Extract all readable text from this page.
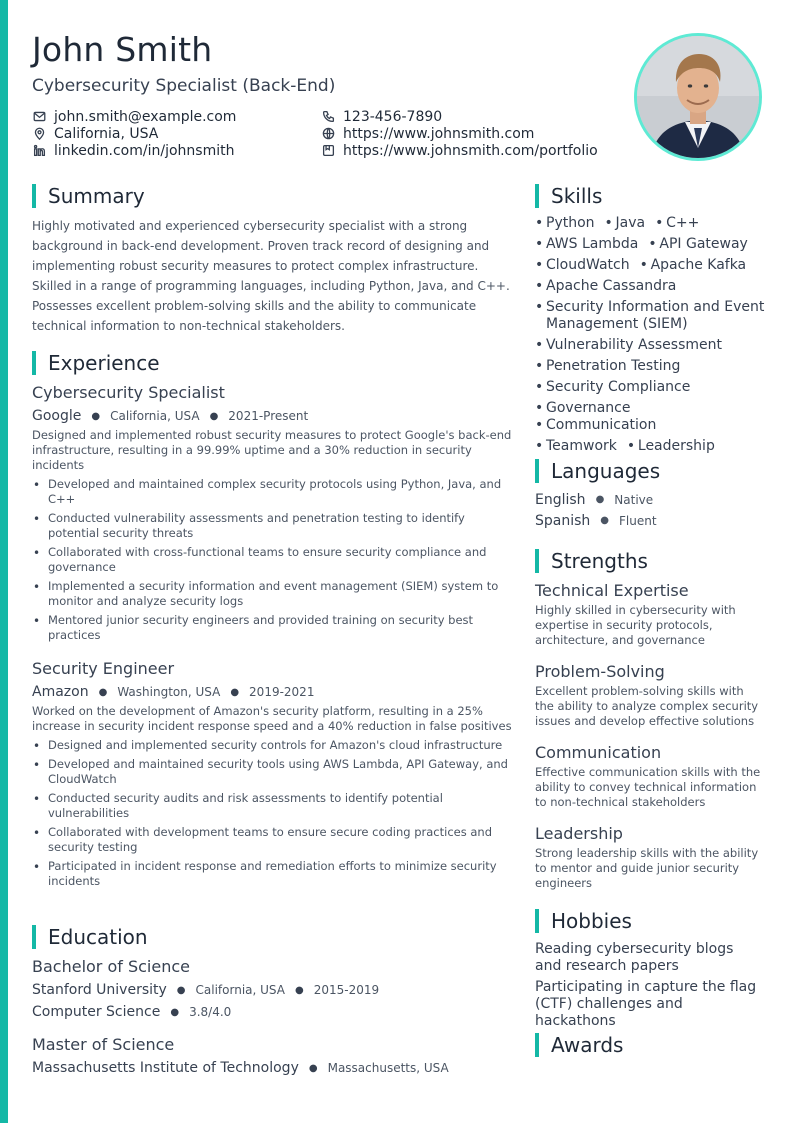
John Smith
Cybersecurity Specialist (Back-End)
john.smith@example.com
California, USA
linkedin.com/in/johnsmith
123-456-7890
https://www.johnsmith.com
https://www.johnsmith.com/portfolio
Summary

Highly motivated and experienced cybersecurity specialist with a strong background in back-end development. Proven track record of designing and implementing robust security measures to protect complex infrastructure. Skilled in a range of programming languages, including Python, Java, and C++. Possesses excellent problem-solving skills and the ability to communicate technical information to non-technical stakeholders.

Experience
Cybersecurity Specialist
Google ● California, USA ● 2021-Present
Designed and implemented robust security measures to protect Google's back-end infrastructure, resulting in a 99.99% uptime and a 30% reduction in security incidents
• Developed and maintained complex security protocols using Python, Java, and C++
• Conducted vulnerability assessments and penetration testing to identify potential security threats
• Collaborated with cross-functional teams to ensure security compliance and governance
• Implemented a security information and event management (SIEM) system to monitor and analyze security logs
• Mentored junior security engineers and provided training on security best practices
Security Engineer
Amazon ● Washington, USA ● 2019-2021
Worked on the development of Amazon's security platform, resulting in a 25% increase in security incident response speed and a 40% reduction in false positives
• Designed and implemented security controls for Amazon's cloud infrastructure
• Developed and maintained security tools using AWS Lambda, API Gateway, and CloudWatch
• Conducted security audits and risk assessments to identify potential vulnerabilities
• Collaborated with development teams to ensure secure coding practices and security testing
• Participated in incident response and remediation efforts to minimize security incidents
Education
Bachelor of Science
Stanford University ● California, USA ● 2015-2019
Computer Science ● 3.8/4.0
Master of Science
Massachusetts Institute of Technology ● Massachusetts, USA
Skills
• Python	• Java	• C++
• AWS Lambda	• API Gateway
• CloudWatch	• Apache Kafka
• Apache Cassandra
• Security Information and Event Management (SIEM)
• Vulnerability Assessment
• Penetration Testing
• Security Compliance
• Governance
• Communication
• Teamwork	• Leadership
Languages
English ● Native
Spanish ● Fluent
Strengths
Technical Expertise
Highly skilled in cybersecurity with expertise in security protocols, architecture, and governance
Problem-Solving
Excellent problem-solving skills with the ability to analyze complex security issues and develop effective solutions
Communication
Effective communication skills with the ability to convey technical information to non-technical stakeholders
Leadership
Strong leadership skills with the ability to mentor and guide junior security engineers
Hobbies
Reading cybersecurity blogs and research papers
Participating in capture the flag (CTF) challenges and hackathons
Awards
